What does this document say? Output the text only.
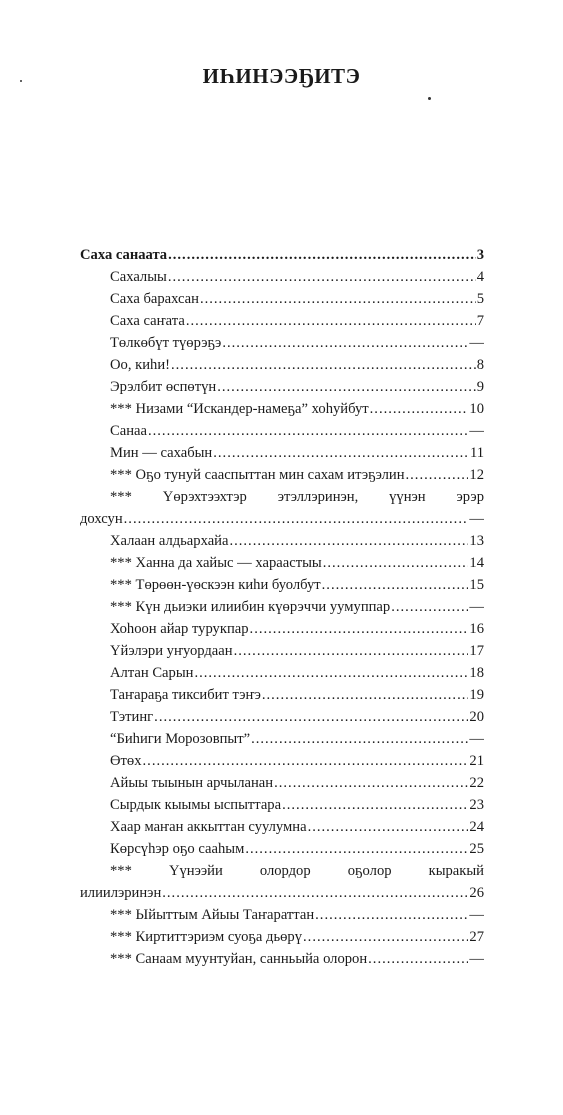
ИҺИНЭЭҔИТЭ
Саха санаата .....	3
Сахалыы .....	4
Саха барахсан .....	5
Саха саҥата .....	7
Төлкөбүт түөрэҕэ .....	—
Оо, киһи! .....	8
Эрэлбит өспөтүн .....	9
*** Низами “Искандер-намеҕа” хоһуйбут .....	10
Санаа .....	—
Мин — сахабын .....	11
*** Оҕо тунуй сааспыттан мин сахам итэҕэлин .....	12
*** Үөрэхтээхтэр этэллэринэн, үүнэн эрэр
дохсун .....	—
Халаан алдьархайа .....	13
*** Ханна да хайыс — хараастыы .....	14
*** Төрөөн-үөскээн киһи буолбут .....	15
*** Күн дьиэки илиибин күөрэччи уумуппар .....	—
Хоһоон айар турукпар .....	16
Үйэлэри уҥуордаан .....	17
Алтан Сарын .....	18
Таҥараҕа тиксибит тэҥэ .....	19
Тэтинг .....	20
“Биһиги Морозовпыт” .....	—
Өтөх .....	21
Айыы тыынын арчыланан .....	22
Сырдык кыымы ыспыттара .....	23
Хаар маҥан аккыттан суулумна .....	24
Көрсүһэр оҕо сааһым .....	25
*** Үүнээйи олордор оҕолор кыракый
илиилэринэн .....	26
*** Ыйыттым Айыы Таҥараттан .....	—
*** Киртиттэриэм суоҕа дьөрү .....	27
*** Санаам муунтуйан, санньыйа олорон .....	—
